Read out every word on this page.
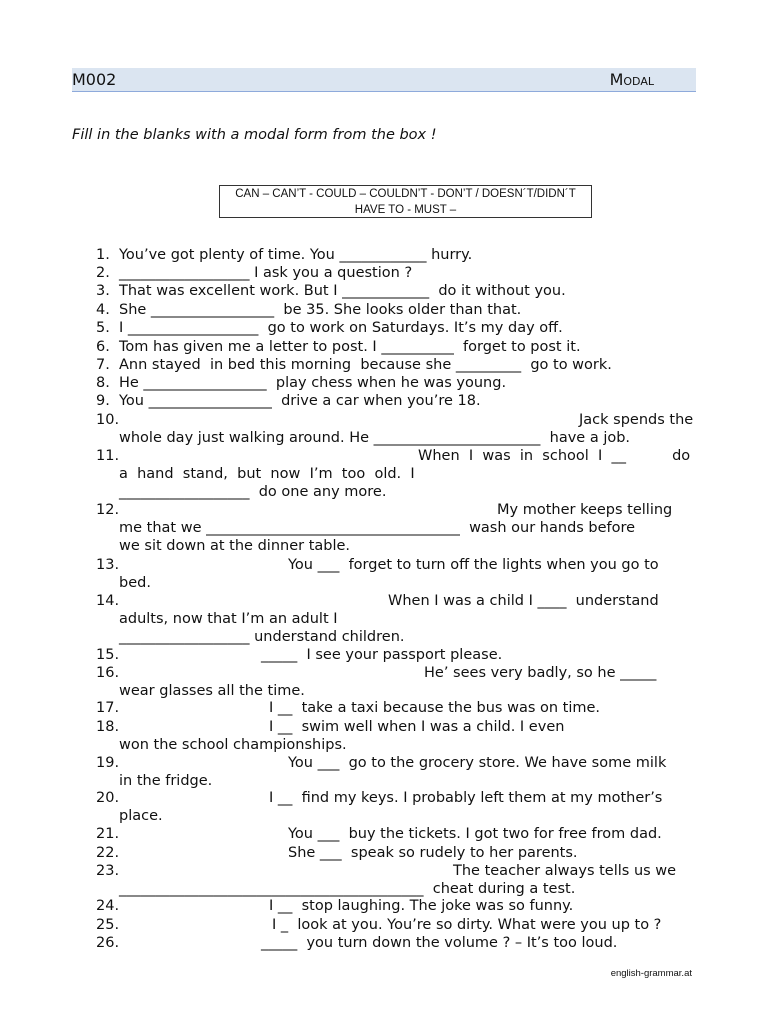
M002	Modal
Fill in the blanks with a modal form from the box !
CAN – CAN’T - COULD – COULDN’T - DON’T / DOESN´T/DIDN´T
HAVE TO - MUST –
1. You’ve got plenty of time. You ____________ hurry.
2. __________________ I ask you a question ?
3. That was excellent work. But I ____________  do it without you.
4. She _________________  be 35. She looks older than that.
5. I __________________  go to work on Saturdays. It’s my day off.
6. Tom has given me a letter to post. I __________  forget to post it.
7. Ann stayed  in bed this morning  because she _________  go to work.
8. He _________________  play chess when he was young.
9. You _________________  drive a car when you’re 18.
10.	Jack spends the
whole day just walking around. He _______________________  have a job.
11.	When  I  was  in  school  I  __          do
a  hand  stand,  but  now  I’m  too  old.  I
__________________  do one any more.
12.	My mother keeps telling
me that we ___________________________________  wash our hands before
we sit down at the dinner table.
13.	You ___  forget to turn off the lights when you go to
bed.
14.	When I was a child I ____  understand
adults, now that I’m an adult I
__________________ understand children.
15.	_____  I see your passport please.
16.	He’ sees very badly, so he _____
wear glasses all the time.
17.	I __  take a taxi because the bus was on time.
18.	I __  swim well when I was a child. I even
won the school championships.
19.	You ___  go to the grocery store. We have some milk
in the fridge.
20.	I __  find my keys. I probably left them at my mother’s
place.
21.	You ___  buy the tickets. I got two for free from dad.
22.	She ___  speak so rudely to her parents.
23.	The teacher always tells us we
__________________________________________  cheat during a test.
24.	I __  stop laughing. The joke was so funny.
25.	I _  look at you. You’re so dirty. What were you up to ?
26.	_____  you turn down the volume ? – It’s too loud.
english-grammar.at
